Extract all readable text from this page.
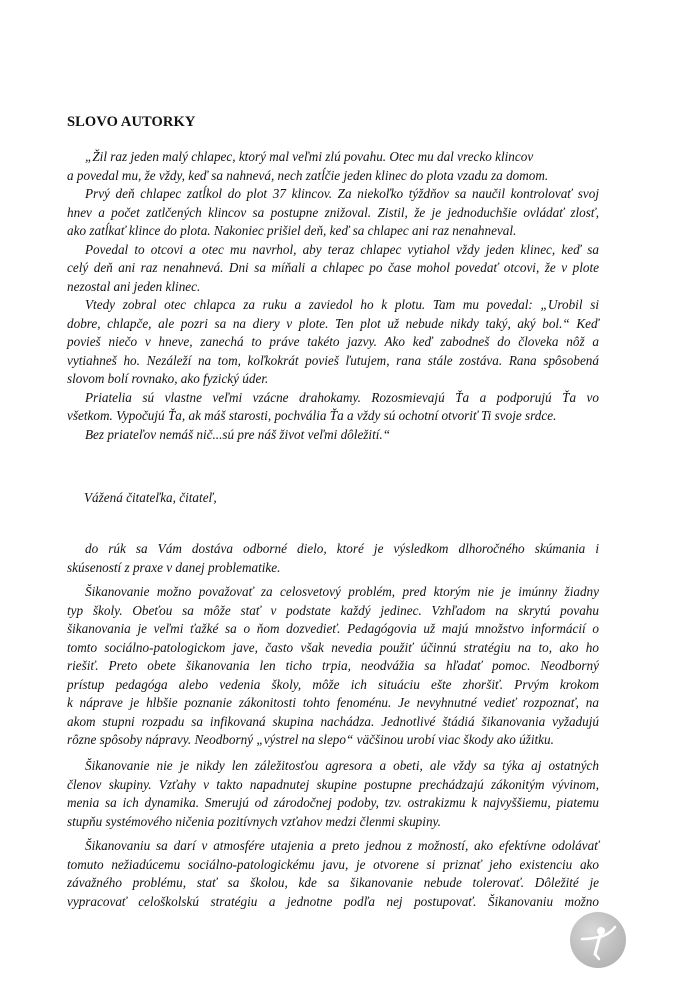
SLOVO AUTORKY
„Žil raz jeden malý chlapec, ktorý mal veľmi zlú povahu. Otec mu dal vrecko klincov
a povedal mu, že vždy, keď sa nahnevá, nech zatĺčie jeden klinec do plota vzadu za domom.
Prvý deň chlapec zatĺkol do plot 37 klincov. Za niekoľko týždňov sa naučil kontrolovať svoj
hnev a počet zatlčených klincov sa postupne znižoval. Zistil, že je jednoduchšie ovládať zlosť,
ako zatĺkať klince do plota. Nakoniec prišiel deň, keď sa chlapec ani raz nenahneval.
Povedal to otcovi a otec mu navrhol, aby teraz chlapec vytiahol vždy jeden klinec, keď sa
celý deň ani raz nenahnevá. Dni sa míňali a chlapec po čase mohol povedať otcovi, že v plote
nezostal ani jeden klinec.
Vtedy zobral otec chlapca za ruku a zaviedol ho k plotu. Tam mu povedal: „Urobil si
dobre, chlapče, ale pozri sa na diery v plote. Ten plot už nebude nikdy taký, aký bol.“ Keď
povieš niečo v hneve, zanechá to práve takéto jazvy. Ako keď zabodneš do človeka nôž a
vytiahneš ho. Nezáleží na tom, koľkokrát povieš ľutujem, rana stále zostáva. Rana spôsobená
slovom bolí rovnako, ako fyzický úder.
Priatelia sú vlastne veľmi vzácne drahokamy. Rozosmievajú Ťa a podporujú Ťa vo
všetkom. Vypočujú Ťa, ak máš starosti, pochvália Ťa a vždy sú ochotní otvoriť Ti svoje srdce.
Bez priateľov nemáš nič...sú pre náš život veľmi dôležití.“
Vážená čitateľka, čitateľ,
do rúk sa Vám dostáva odborné dielo, ktoré je výsledkom dlhoročného skúmania i
skúseností z praxe v danej problematike.
Šikanovanie možno považovať za celosvetový problém, pred ktorým nie je imúnny žiadny
typ školy. Obeťou sa môže stať v podstate každý jedinec. Vzhľadom na skrytú povahu
šikanovania je veľmi ťažké sa o ňom dozvedieť. Pedagógovia už majú množstvo informácií o
tomto sociálno-patologickom jave, často však nevedia použiť účinnú stratégiu na to, ako ho
riešiť. Preto obete šikanovania len ticho trpia, neodvážia sa hľadať pomoc. Neodborný
prístup pedagóga alebo vedenia školy, môže ich situáciu ešte zhoršiť. Prvým krokom
k náprave je hlbšie poznanie zákonitosti tohto fenoménu. Je nevyhnutné vedieť rozpoznať, na
akom stupni rozpadu sa infikovaná skupina nachádza. Jednotlivé štádiá šikanovania vyžadujú
rôzne spôsoby nápravy. Neodborný „výstrel na slepo“ väčšinou urobí viac škody ako úžitku.
Šikanovanie nie je nikdy len záležitosťou agresora a obeti, ale vždy sa týka aj ostatných
členov skupiny. Vzťahy v takto napadnutej skupine postupne prechádzajú zákonitým vývinom,
menia sa ich dynamika. Smerujú od zárodočnej podoby, tzv. ostrakizmu k najvyššiemu, piatemu
stupňu systémového ničenia pozitívnych vzťahov medzi členmi skupiny.
Šikanovaniu sa darí v atmosfére utajenia a preto jednou z možností, ako efektívne odolávať
tomuto nežiadúcemu sociálno-patologickému javu, je otvorene si priznať jeho existenciu ako
závažného problému, stať sa školou, kde sa šikanovanie nebude tolerovať. Dôležité je
vypracovať celoškolskú stratégiu a jednotne podľa nej postupovať. Šikanovaniu možno
